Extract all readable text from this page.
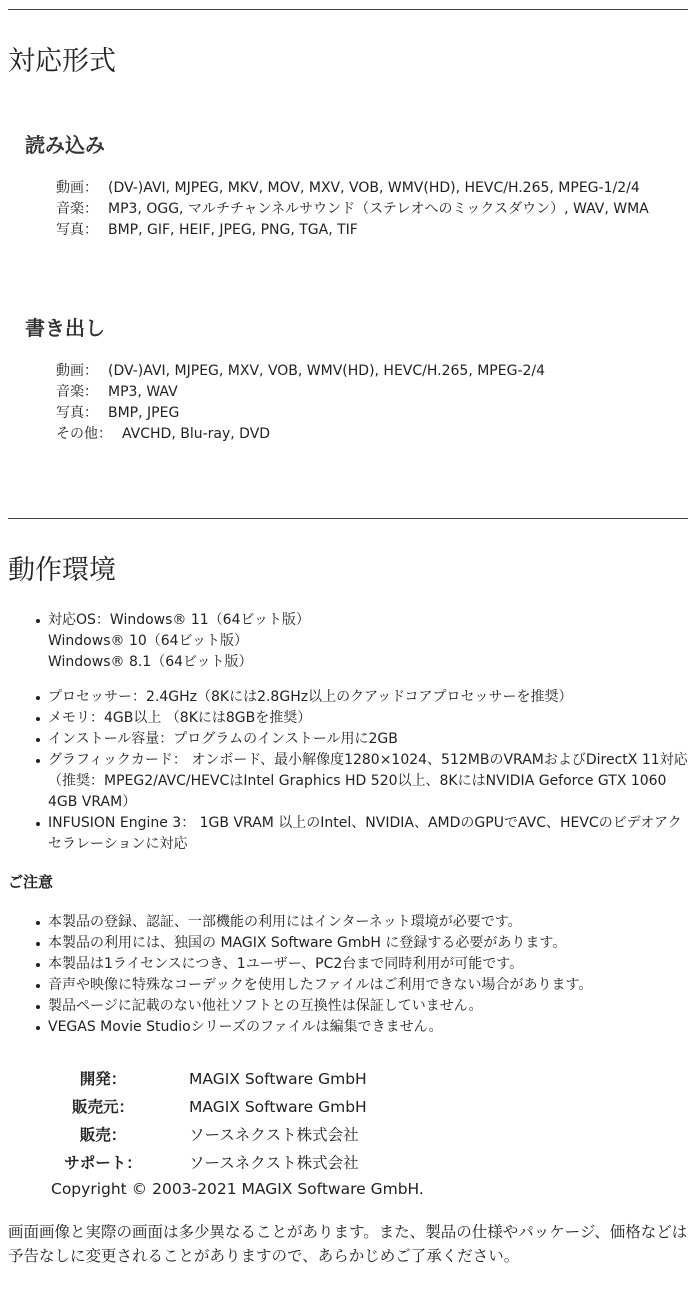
対応形式
読み込み
動画： (DV-)AVI, MJPEG, MKV, MOV, MXV, VOB, WMV(HD), HEVC/H.265, MPEG-1/2/4
音楽： MP3, OGG, マルチチャンネルサウンド（ステレオへのミックスダウン）, WAV, WMA
写真： BMP, GIF, HEIF, JPEG, PNG, TGA, TIF
書き出し
動画： (DV-)AVI, MJPEG, MXV, VOB, WMV(HD), HEVC/H.265, MPEG-2/4
音楽： MP3, WAV
写真： BMP, JPEG
その他： AVCHD, Blu-ray, DVD
動作環境
対応OS：Windows® 11（64ビット版）
Windows® 10（64ビット版）
Windows® 8.1（64ビット版）
プロセッサー：2.4GHz（8Kには2.8GHz以上のクアッドコアプロセッサーを推奨）
メモリ：4GB以上 （8Kには8GBを推奨）
インストール容量：プログラムのインストール用に2GB
グラフィックカード： オンボード、最小解像度1280×1024、512MBのVRAMおよびDirectX 11対応（推奨：MPEG2/AVC/HEVCはIntel Graphics HD 520以上、8KにはNVIDIA Geforce GTX 1060 4GB VRAM）
INFUSION Engine 3： 1GB VRAM 以上のIntel、NVIDIA、AMDのGPUでAVC、HEVCのビデオアクセラレーションに対応
ご注意
本製品の登録、認証、一部機能の利用にはインターネット環境が必要です。
本製品の利用には、独国の MAGIX Software GmbH に登録する必要があります。
本製品は1ライセンスにつき、1ユーザー、PC2台まで同時利用が可能です。
音声や映像に特殊なコーデックを使用したファイルはご利用できない場合があります。
製品ページに記載のない他社ソフトとの互換性は保証していません。
VEGAS Movie Studioシリーズのファイルは編集できません。
開発：	MAGIX Software GmbH
販売元：	MAGIX Software GmbH
販売：	ソースネクスト株式会社
サポート：	ソースネクスト株式会社
Copyright © 2003-2021 MAGIX Software GmbH.

画面画像と実際の画面は多少異なることがあります。また、製品の仕様やパッケージ、価格などは予告なしに変更されることがありますので、あらかじめご了承ください。
